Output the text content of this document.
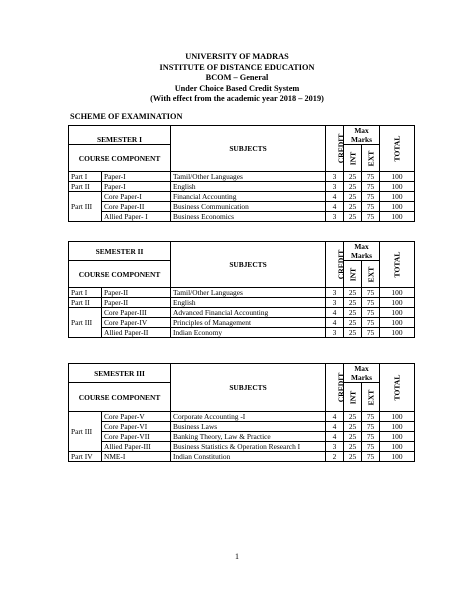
UNIVERSITY OF MADRAS
INSTITUTE OF DISTANCE EDUCATION
BCOM – General
Under Choice Based Credit System
(With effect from the academic year 2018 – 2019)
SCHEME OF EXAMINATION
SEMESTER I		SUBJECTS	CREDIT	Max Marks		TOTAL
COURSE COMPONENT				INT	EXT	
Part I	Paper-I	Tamil/Other Languages	3	25	75	100
Part II	Paper-I	English	3	25	75	100
Part III	Core Paper-I	Financial Accounting	4	25	75	100
	Core Paper-II	Business Communication	4	25	75	100
	Allied Paper- I	Business Economics	3	25	75	100
SEMESTER II		SUBJECTS	CREDIT	Max Marks		TOTAL
COURSE COMPONENT				INT	EXT	
Part I	Paper-II	Tamil/Other Languages	3	25	75	100
Part II	Paper-II	English	3	25	75	100
Part III	Core Paper-III	Advanced Financial Accounting	4	25	75	100
	Core Paper-IV	Principles of Management	4	25	75	100
	Allied Paper-II	Indian Economy	3	25	75	100
SEMESTER III		SUBJECTS	CREDIT	Max Marks		TOTAL
COURSE COMPONENT				INT	EXT	
Part III	Core Paper-V	Corporate Accounting -I	4	25	75	100
	Core Paper-VI	Business Laws	4	25	75	100
	Core Paper-VII	Banking Theory, Law & Practice	4	25	75	100
	Allied Paper-III	Business Statistics & Operation Research I	3	25	75	100
Part IV	NME-I	Indian Constitution	2	25	75	100
1
